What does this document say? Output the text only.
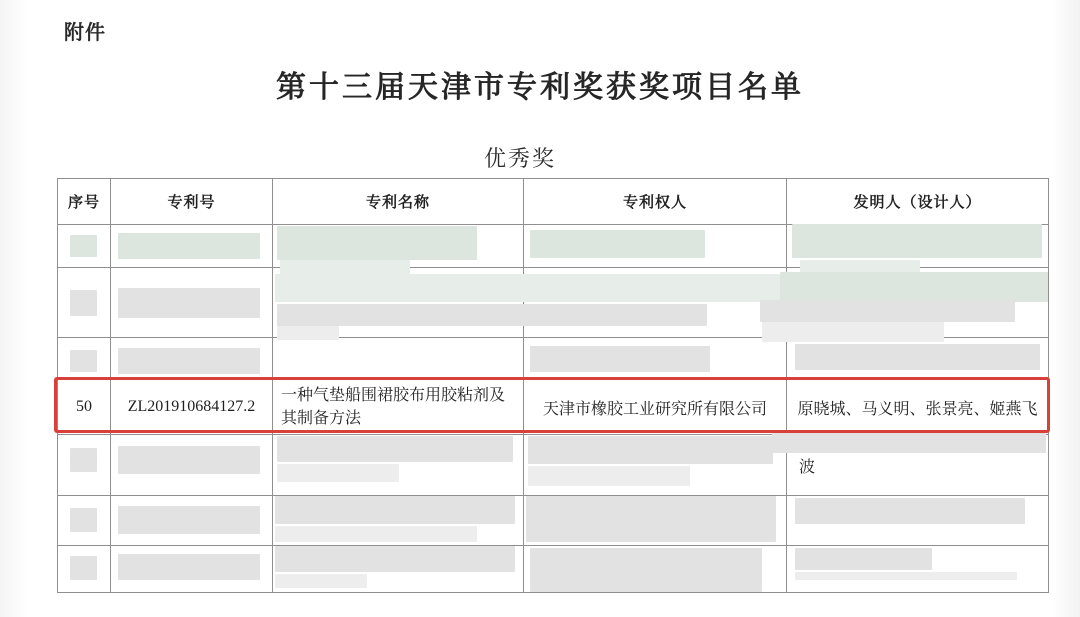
附件
第十三届天津市专利奖获奖项目名单
优秀奖
序号	专利号	专利名称	专利权人	发明人（设计人）

50	ZL201910684127.2	一种气垫船围裙胶布用胶粘剂及其制备方法	天津市橡胶工业研究所有限公司	原晓城、马义明、张景亮、姬燕飞
				波
